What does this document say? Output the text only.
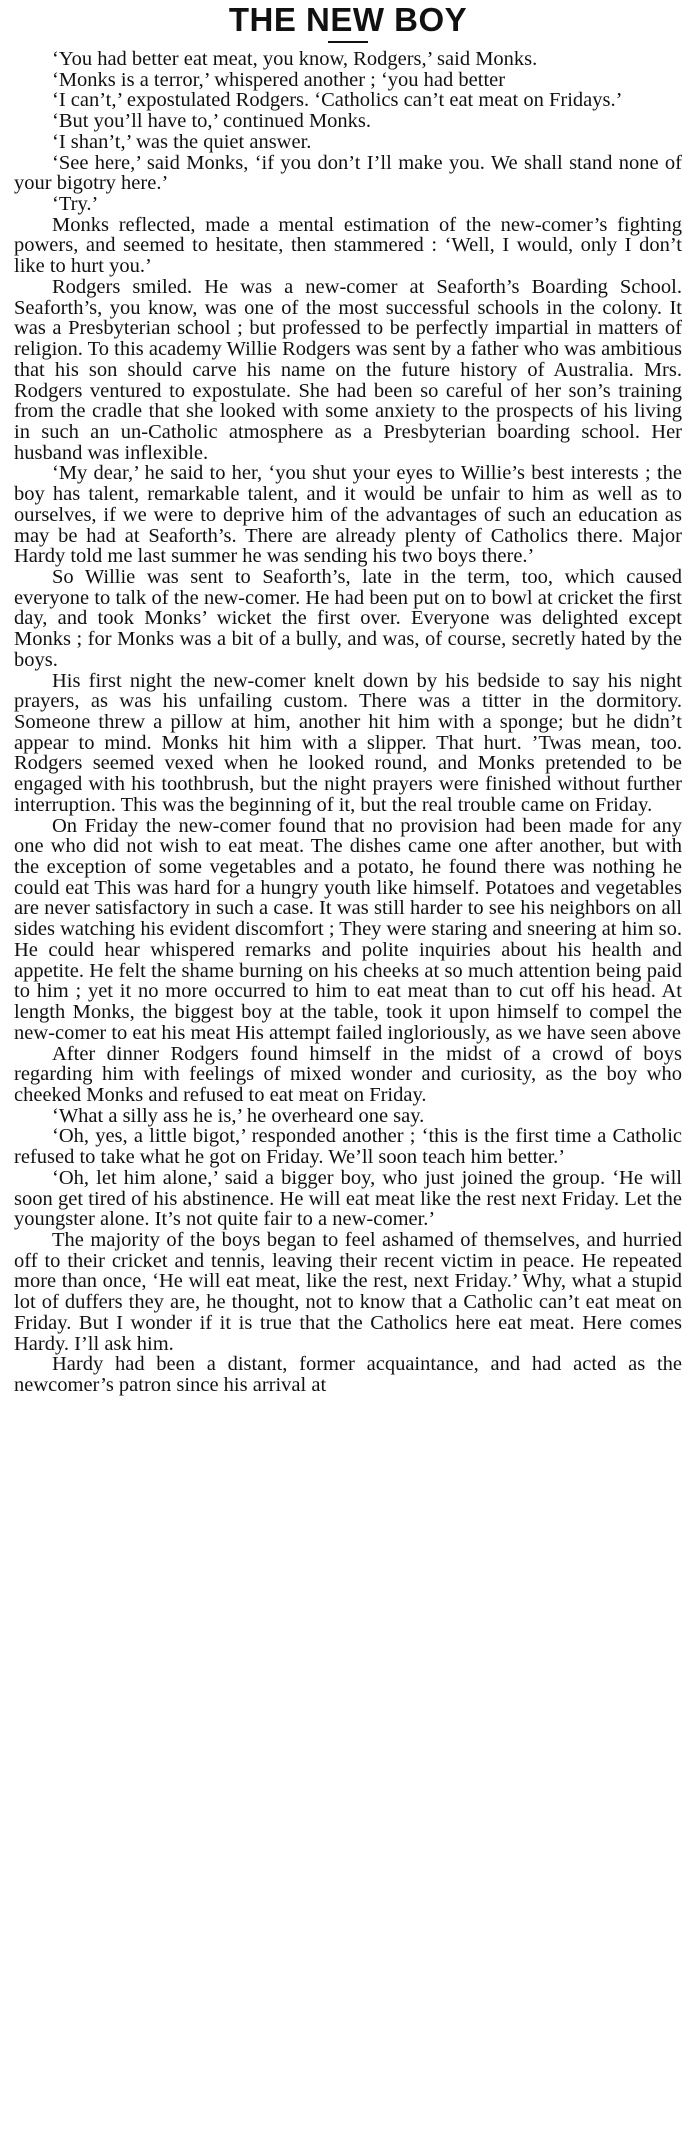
THE NEW BOY

‘You had better eat meat, you know, Rodgers,’ said Monks.

‘Monks is a terror,’ whispered another ; ‘you had better

‘I can’t,’ expostulated Rodgers. ‘Catholics can’t eat meat on Fridays.’

‘But you’ll have to,’ continued Monks.

‘I shan’t,’ was the quiet answer.

‘See here,’ said Monks, ‘if you don’t I’ll make you. We shall stand none of your bigotry here.’

‘Try.’

Monks reflected, made a mental estimation of the new-comer’s fighting powers, and seemed to hesitate, then stammered : ‘Well, I would, only I don’t like to hurt you.’

Rodgers smiled. He was a new-comer at Seaforth’s Boarding School. Seaforth’s, you know, was one of the most successful schools in the colony. It was a Presbyterian school ; but professed to be perfectly impartial in matters of religion. To this academy Willie Rodgers was sent by a father who was ambitious that his son should carve his name on the future history of Australia. Mrs. Rodgers ventured to expostulate. She had been so careful of her son’s training from the cradle that she looked with some anxiety to the prospects of his living in such an un-Catholic atmosphere as a Presbyterian boarding school. Her husband was inflexible.

‘My dear,’ he said to her, ‘you shut your eyes to Willie’s best interests ; the boy has talent, remarkable talent, and it would be unfair to him as well as to ourselves, if we were to deprive him of the advantages of such an education as may be had at Seaforth’s. There are already plenty of Catholics there. Major Hardy told me last summer he was sending his two boys there.’

So Willie was sent to Seaforth’s, late in the term, too, which caused everyone to talk of the new-comer. He had been put on to bowl at cricket the first day, and took Monks’ wicket the first over. Everyone was delighted except Monks ; for Monks was a bit of a bully, and was, of course, secretly hated by the boys.

His first night the new-comer knelt down by his bedside to say his night prayers, as was his unfailing custom. There was a titter in the dormitory. Someone threw a pillow at him, another hit him with a sponge; but he didn’t appear to mind. Monks hit him with a slipper. That hurt. ’Twas mean, too. Rodgers seemed vexed when he looked round, and Monks pretended to be engaged with his toothbrush, but the night prayers were finished without further interruption. This was the beginning of it, but the real trouble came on Friday.

On Friday the new-comer found that no provision had been made for any one who did not wish to eat meat. The dishes came one after another, but with the exception of some vegetables and a potato, he found there was nothing he could eat This was hard for a hungry youth like himself. Potatoes and vegetables are never satisfactory in such a case. It was still harder to see his neighbors on all sides watching his evident discomfort ; They were staring and sneering at him so. He could hear whispered remarks and polite inquiries about his health and appetite. He felt the shame burning on his cheeks at so much attention being paid to him ; yet it no more occurred to him to eat meat than to cut off his head. At length Monks, the biggest boy at the table, took it upon himself to compel the new-comer to eat his meat His attempt failed ingloriously, as we have seen above

After dinner Rodgers found himself in the midst of a crowd of boys regarding him with feelings of mixed wonder and curiosity, as the boy who cheeked Monks and refused to eat meat on Friday.

‘What a silly ass he is,’ he overheard one say.

‘Oh, yes, a little bigot,’ responded another ; ‘this is the first time a Catholic refused to take what he got on Friday. We’ll soon teach him better.’

‘Oh, let him alone,’ said a bigger boy, who just joined the group. ‘He will soon get tired of his abstinence. He will eat meat like the rest next Friday. Let the youngster alone. It’s not quite fair to a new-comer.’

The majority of the boys began to feel ashamed of themselves, and hurried off to their cricket and tennis, leaving their recent victim in peace. He repeated more than once, ‘He will eat meat, like the rest, next Friday.’ Why, what a stupid lot of duffers they are, he thought, not to know that a Catholic can’t eat meat on Friday. But I wonder if it is true that the Catholics here eat meat. Here comes Hardy. I’ll ask him.

Hardy had been a distant, former acquaintance, and had acted as the newcomer’s patron since his arrival at
